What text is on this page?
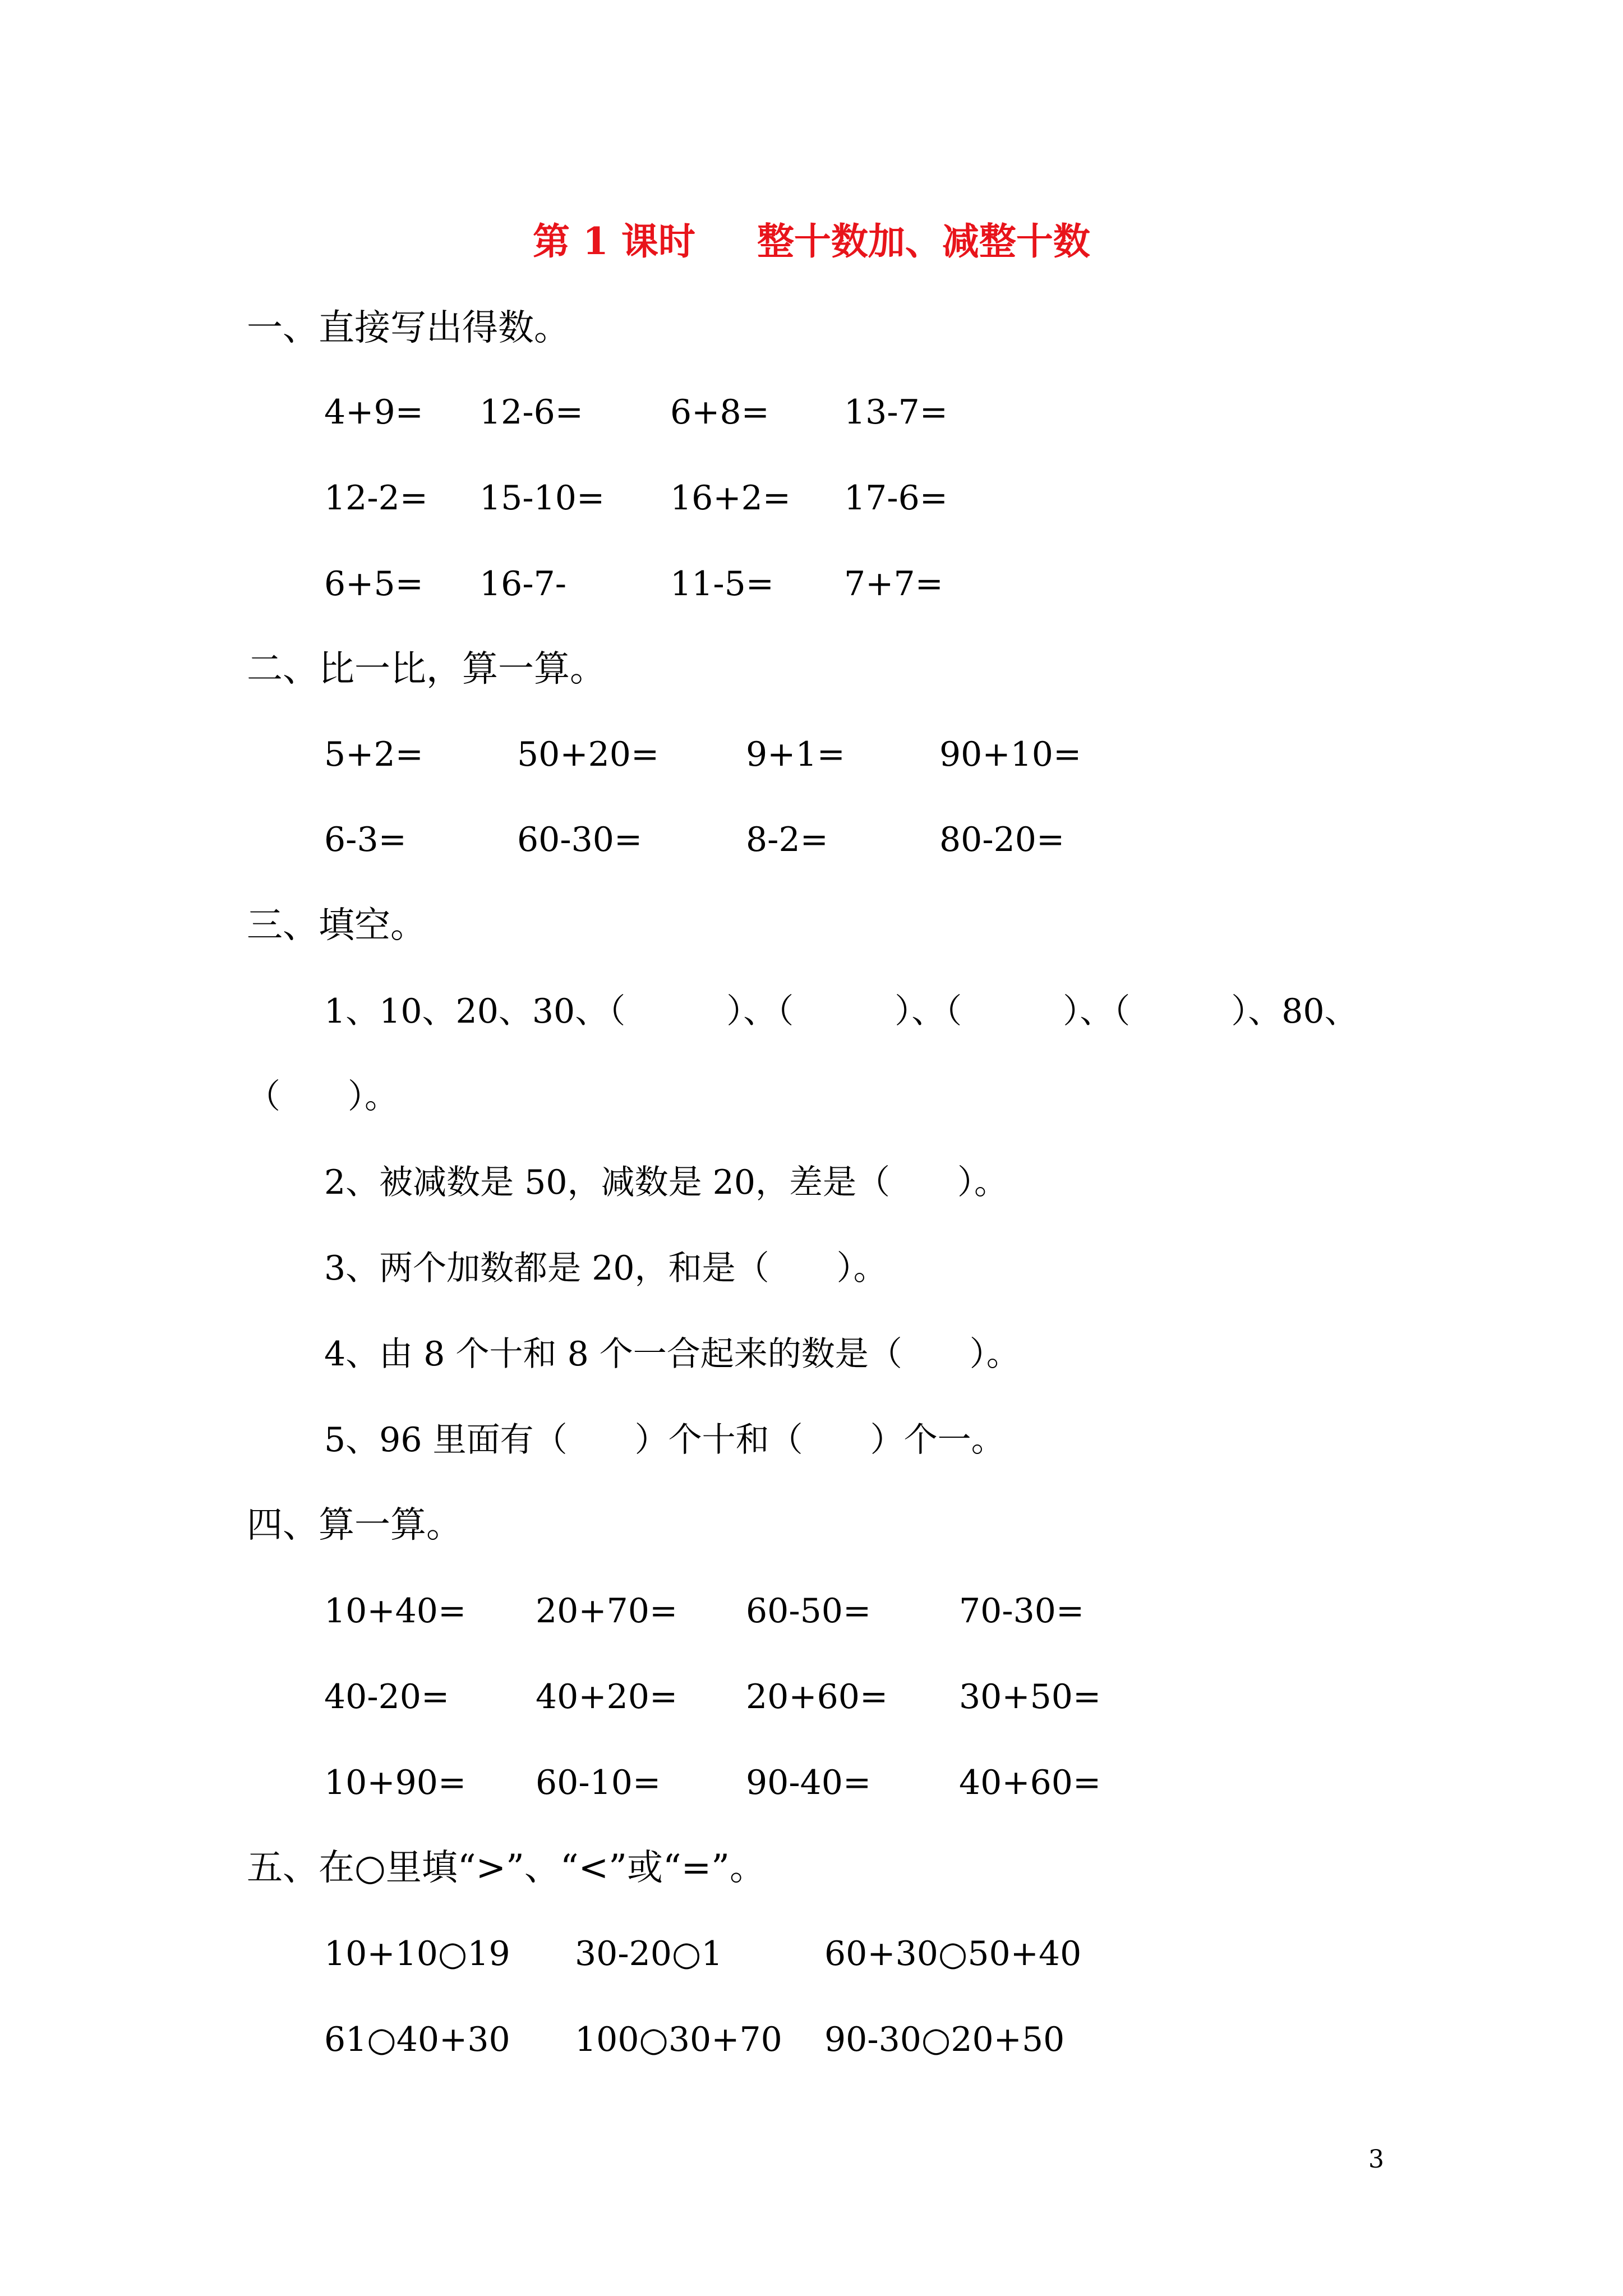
第 1 课时 整十数加、减整十数
一、直接写出得数。
4+9= 12-6=	6+8= 13-7=
12-2= 15-10= 16+2= 17-6=
6+5= 16-7-	11-5= 7+7=
二、比一比，算一算。
5+2=	50+20=	9+1=	90+10=
6-3=	60-30=	8-2=	80-20=
三、填空。
1、10、20、30、（　　　）、（　　　）、（　　　）、（　　　）、80、
（　　）。
2、被减数是 50，减数是 20，差是（　　）。
3、两个加数都是 20，和是（　　）。
4、由 8 个十和 8 个一合起来的数是（　　）。
5、96 里面有（　　）个十和（　　）个一。
四、算一算。
10+40= 20+70= 60-50=	70-30=
40-20=	40+20= 20+60= 30+50=
10+90= 60-10=	90-40=	40+60=
五、在○里填“>”、“<”或“=”。
10+10○19 30-20○1	60+30○50+40
61○40+30 100○30+70 90-30○20+50
3
